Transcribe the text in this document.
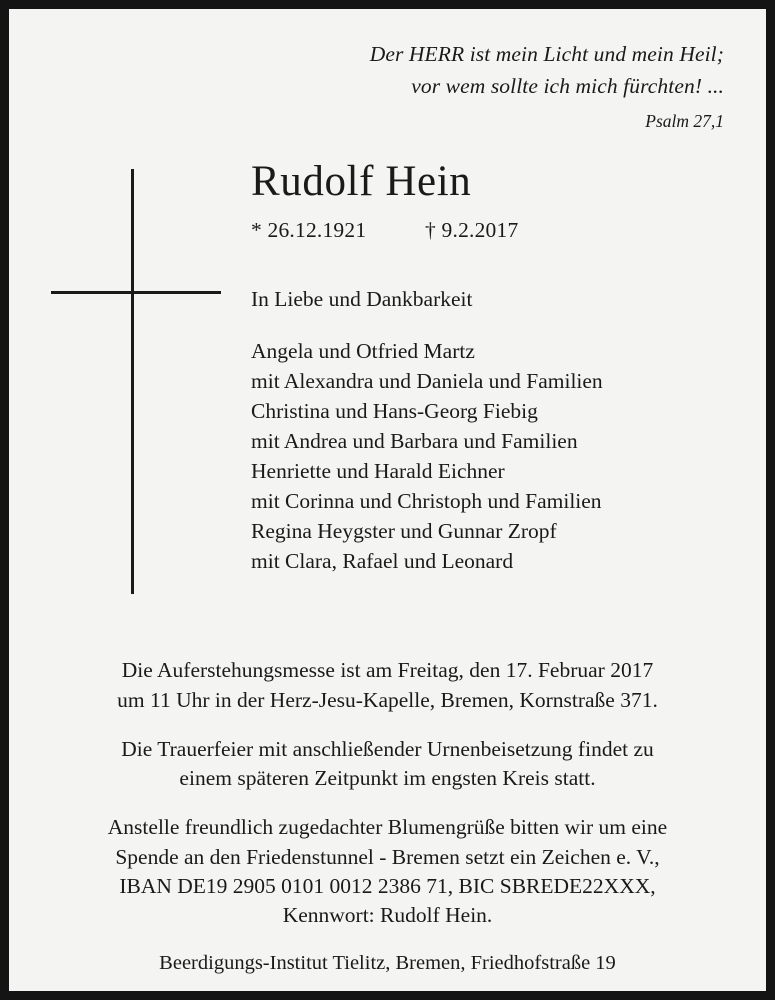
Der HERR ist mein Licht und mein Heil;
vor wem sollte ich mich fürchten! ...
Psalm 27,1
Rudolf Hein
* 26.12.1921	† 9.2.2017
In Liebe und Dankbarkeit
Angela und Otfried Martz
mit Alexandra und Daniela und Familien
Christina und Hans-Georg Fiebig
mit Andrea und Barbara und Familien
Henriette und Harald Eichner
mit Corinna und Christoph und Familien
Regina Heygster und Gunnar Zropf
mit Clara, Rafael und Leonard

Die Auferstehungsmesse ist am Freitag, den 17. Februar 2017
um 11 Uhr in der Herz-Jesu-Kapelle, Bremen, Kornstraße 371.

Die Trauerfeier mit anschließender Urnenbeisetzung findet zu
einem späteren Zeitpunkt im engsten Kreis statt.

Anstelle freundlich zugedachter Blumengrüße bitten wir um eine
Spende an den Friedenstunnel - Bremen setzt ein Zeichen e. V.,
IBAN DE19 2905 0101 0012 2386 71, BIC SBREDE22XXX,
Kennwort: Rudolf Hein.

Beerdigungs-Institut Tielitz, Bremen, Friedhofstraße 19
